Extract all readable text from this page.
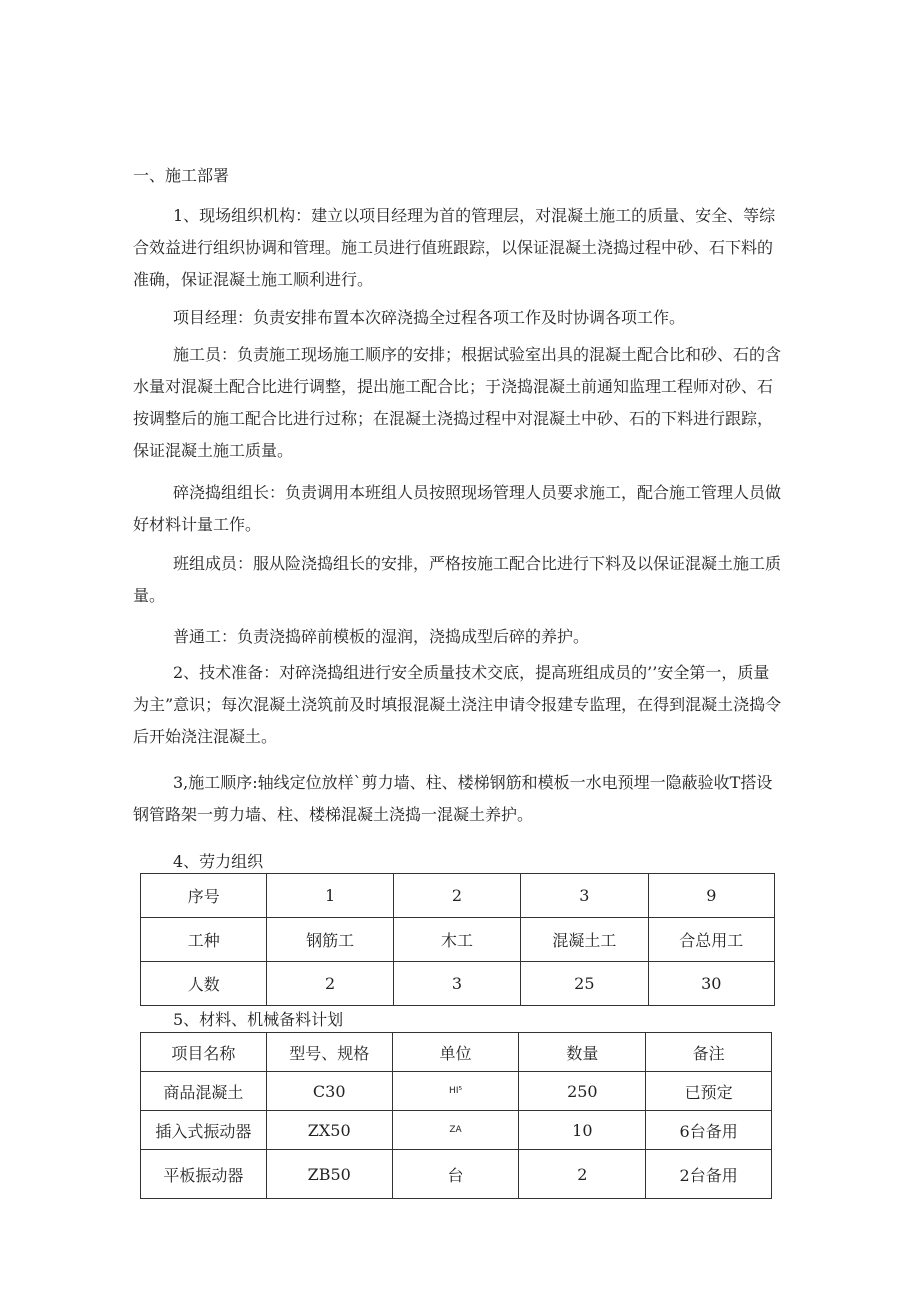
一、施工部署

1、现场组织机构：建立以项目经理为首的管理层，对混凝土施工的质量、安全、等综合效益进行组织协调和管理。施工员进行值班跟踪，以保证混凝土浇捣过程中砂、石下料的准确，保证混凝土施工顺利进行。

项目经理：负责安排布置本次碎浇捣全过程各项工作及时协调各项工作。

施工员：负责施工现场施工顺序的安排；根据试验室出具的混凝土配合比和砂、石的含水量对混凝土配合比进行调整，提出施工配合比；于浇捣混凝土前通知监理工程师对砂、石按调整后的施工配合比进行过称；在混凝土浇捣过程中对混凝土中砂、石的下料进行跟踪，保证混凝土施工质量。

碎浇捣组组长：负责调用本班组人员按照现场管理人员要求施工，配合施工管理人员做好材料计量工作。

班组成员：服从险浇捣组长的安排，严格按施工配合比进行下料及以保证混凝土施工质量。

普通工：负责浇捣碎前模板的湿润，浇捣成型后碎的养护。

2、技术准备：对碎浇捣组进行安全质量技术交底，提高班组成员的’’安全第一，质量为主”意识；每次混凝土浇筑前及时填报混凝土浇注申请令报建专监理，在得到混凝土浇捣令后开始浇注混凝土。

3,施工顺序:轴线定位放样`剪力墙、柱、楼梯钢筋和模板一水电预埋一隐蔽验收T搭设钢管路架一剪力墙、柱、楼梯混凝土浇捣一混凝土养护。

4、劳力组织
序号	1	2	3	9
工种	钢筋工	木工	混凝土工	合总用工
人数	2	3	25	30
5、材料、机械备料计划
项目名称	型号、规格	单位	数量	备注
商品混凝土	C30	HI⁵	250	已预定
插入式振动器	ZX50	ZA	10	6台备用
平板振动器	ZB50	台	2	2台备用
